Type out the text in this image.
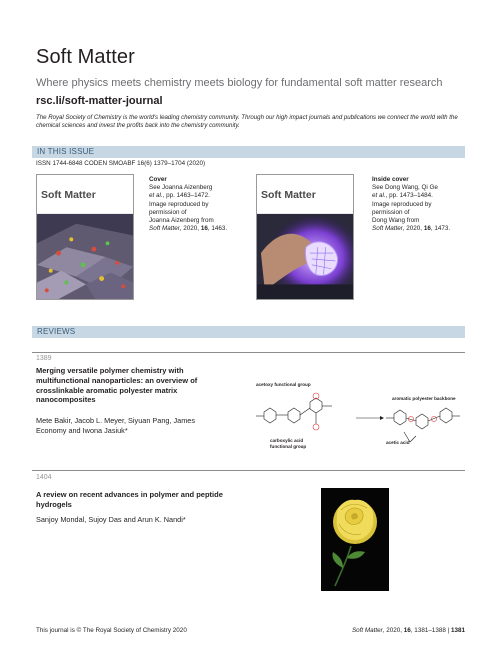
Soft Matter
Where physics meets chemistry meets biology for fundamental soft matter research
rsc.li/soft-matter-journal
The Royal Society of Chemistry is the world's leading chemistry community. Through our high impact journals and publications we connect the world with the chemical sciences and invest the profits back into the chemistry community.
IN THIS ISSUE
ISSN 1744-6848 CODEN SMOABF 16(6) 1379–1704 (2020)
Soft Matter
Cover
See Joanna Aizenberg
et al., pp. 1463–1472.
Image reproduced by
permission of
Joanna Aizenberg from
Soft Matter, 2020, 16, 1463.
Soft Matter
Inside cover
See Dong Wang, Qi Ge
et al., pp. 1473–1484.
Image reproduced by
permission of
Dong Wang from
Soft Matter, 2020, 16, 1473.
REVIEWS
1389
Merging versatile polymer chemistry with multifunctional nanoparticles: an overview of crosslinkable aromatic polyester matrix nanocomposites
Mete Bakir, Jacob L. Meyer, Siyuan Pang, James Economy and Iwona Jasiuk*
acetoxy functional group
aromatic polyester backbone
carboxylic acid
functional group
acetic acid
1404
A review on recent advances in polymer and peptide hydrogels
Sanjoy Mondal, Sujoy Das and Arun K. Nandi*
This journal is © The Royal Society of Chemistry 2020	Soft Matter, 2020, 16, 1381–1388 | 1381
